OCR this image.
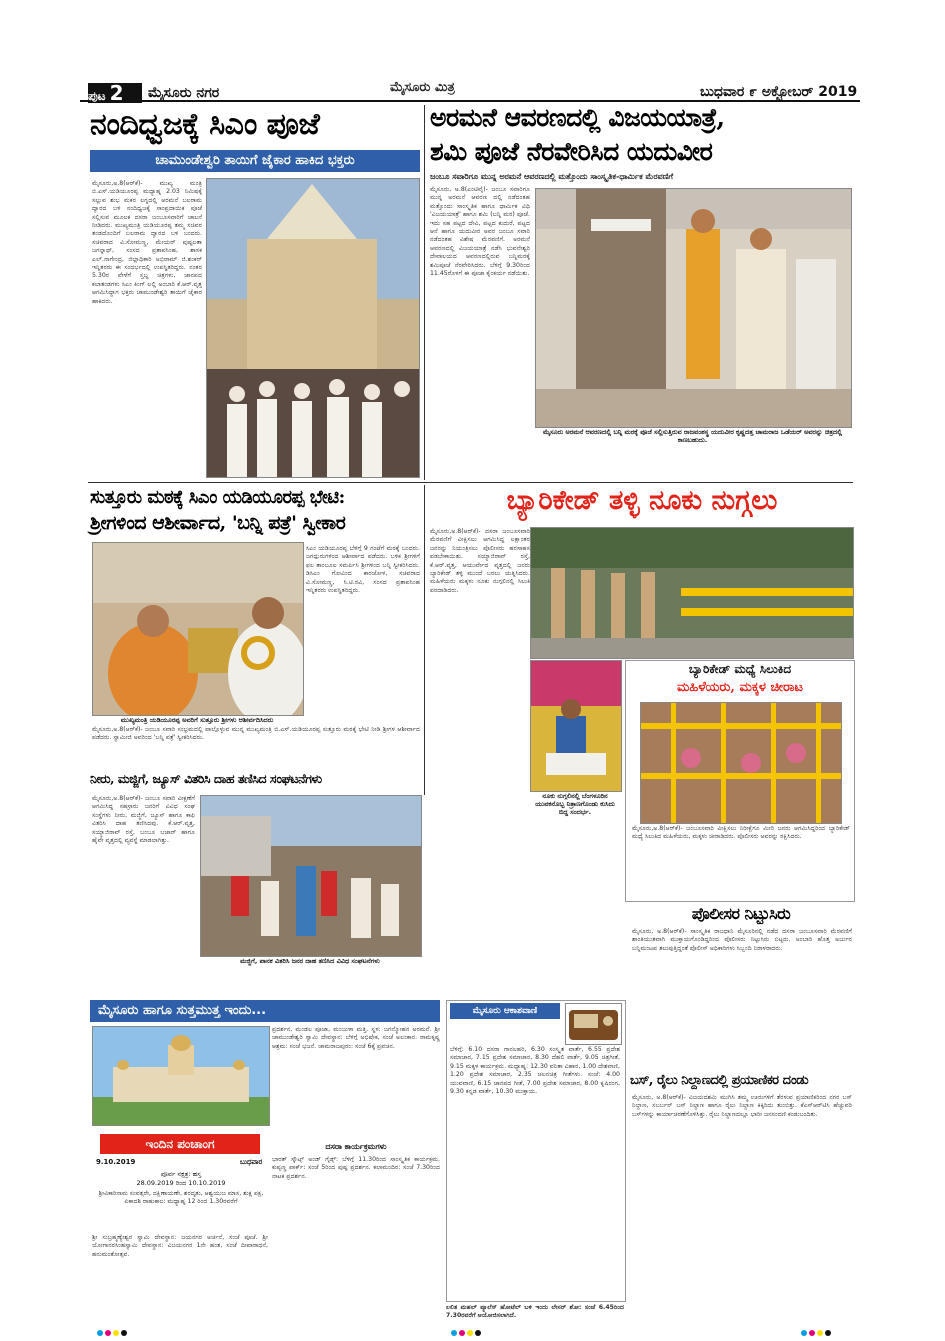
ಪುಟ 2	ಮೈಸೂರು ನಗರ	ಮೈಸೂರು ಮಿತ್ರ	ಬುಧವಾರ ೯ ಅಕ್ಟೋಬರ್ 2019
ನಂದಿಧ್ವಜಕ್ಕೆ ಸಿಎಂ ಪೂಜೆ
ಚಾಮುಂಡೇಶ್ವರಿ ತಾಯಿಗೆ ಜೈಕಾರ ಹಾಕಿದ ಭಕ್ತರು
ಮೈಸೂರು,ಅ.8(ಆರ್‌ಕೆ)- ಮುಖ್ಯ ಮಂತ್ರಿ ಬಿ.ಎಸ್.ಯಡಿಯೂರಪ್ಪ ಮಧ್ಯಾಹ್ನ 2.03 ನಿಮಿಷಕ್ಕೆ ಸಲ್ಲುವ ಶುಭ ಮಕರ ಲಗ್ನದಲ್ಲಿ ಅರಮನೆ ಬಲರಾಮ ದ್ವಾರದ ಬಳಿ ನಂದಿಧ್ವಜಕ್ಕೆ ಸಾಂಪ್ರದಾಯಿಕ ಪೂಜೆ ಸಲ್ಲಿಸುವ ಮೂಲಕ ದಸರಾ ಜಂಬೂಸವಾರಿಗೆ ಚಾಲನೆ ನೀಡಿದರು. ಮುಖ್ಯಮಂತ್ರಿ ಯಡಿಯೂರಪ್ಪ ತಮ್ಮ ಸಚಿವರ ತಂಡದೊಂದಿಗೆ ಬಲರಾಮ ದ್ವಾರದ ಬಳಿ ಬಂದರು. ಸಚಿವರಾದ ವಿ.ಸೋಮಣ್ಣ, ಮೇಯರ್ ಪುಷ್ಪಲತಾ ಜಗನ್ನಾಥ್, ಸಂಸದ ಪ್ರತಾಪಸಿಂಹ, ಶಾಸಕ ಎಲ್.ನಾಗೇಂದ್ರ, ಜಿಲ್ಲಾಧಿಕಾರಿ ಅಭಿರಾಮ್ ಜಿ.ಶಂಕರ್ ಇನ್ನಿತರರು ಈ ಸಂದರ್ಭದಲ್ಲಿ ಉಪಸ್ಥಿತರಿದ್ದರು. ನಂತರ 5.30ರ ವೇಳೆಗೆ ಸ್ತಬ್ಧ ಚಿತ್ರಗಳು, ಜಾನಪದ ಕಲಾತಂಡಗಳು ಸಿಎಂ ಕಿಂಗ್ ಲಲ್ಲಿ ಅಂಬಾರಿ ಕೆ.ಆರ್.ವೃತ್ತ ಆಗಮಿಸಿದ್ದಾಗ ಭಕ್ತರು ಚಾಮುಂಡೇಶ್ವರಿ ತಾಯಿಗೆ ಜೈಕಾರ ಹಾಕಿದರು.
ಅರಮನೆ ಆವರಣದಲ್ಲಿ ವಿಜಯಯಾತ್ರೆ,
ಶಮಿ ಪೂಜೆ ನೆರವೇರಿಸಿದ ಯದುವೀರ
ಜಂಬೂ ಸವಾರಿಗೂ ಮುನ್ನ ಅರಮನೆ ಆವರಣದಲ್ಲಿ ಮತ್ತೊಂದು ಸಾಂಸ್ಕೃತಿಕ-ಧಾರ್ಮಿಕ ಮೆರವಣಿಗೆ
ಮೈಸೂರು, ಅ.8(ಎಂಟಿವೈ)- ಜಂಬೂ ಸವಾರಿಗೂ ಮುನ್ನ ಅರಮನೆ ಆವರಣ ದಲ್ಲಿ ನಡೆದಂತಹ ಮತ್ತೊಂದು ಸಾಂಸ್ಕೃತಿಕ ಹಾಗೂ ಧಾರ್ಮಿಕ ವಿಧಿ 'ವಿಜಯಯಾತ್ರೆ' ಹಾಗೂ ಶಮಿ (ಬನ್ನಿ ಮರ) ಪೂಜೆ. ಇದು ಸಹ ಪಟ್ಟದ ದೇವಿ, ಪಟ್ಟದ ಕುದುರೆ, ಪಟ್ಟದ ಆನೆ ಹಾಗೂ ಯದುವೀರ ಅವರ ಜಂಬೂ ಸವಾರಿ ನಡೆದಂತಹ ವಿಶೇಷ ಮೆರವಣಿಗೆ. ಅರಮನೆ ಆವರಣದಲ್ಲಿ ವಿಜಯಯಾತ್ರೆ ನಡೆಸಿ ಭುವನೇಶ್ವರಿ ದೇವಾಲಯದ ಆವರಣದಲ್ಲಿರುವ ಬನ್ನಿಮರಕ್ಕೆ ಶಮಿಪೂಜೆ ನೆರವೇರಿಸಿದರು. ಬೆಳಿಗ್ಗೆ 9.30ರಿಂದ 11.45ರೊಳಗೆ ಈ ಪೂಜಾ ಕೈಂಕರ್ಯ ನಡೆಯಿತು.
ಮೈಸೂರು ಅರಮನೆ ಆವರಣದಲ್ಲಿ ಬನ್ನಿ ಮರಕ್ಕೆ ಪೂಜೆ ಸಲ್ಲಿಸುತ್ತಿರುವ ರಾಜವಂಶಸ್ಥ ಯದುವೀರ ಕೃಷ್ಣದತ್ತ ಚಾಮರಾಜ ಒಡೆಯರ್ ಅವರನ್ನು ಚಿತ್ರದಲ್ಲಿ ಕಾಣಬಹುದು.
ಸುತ್ತೂರು ಮಠಕ್ಕೆ ಸಿಎಂ ಯಡಿಯೂರಪ್ಪ ಭೇಟಿ:
ಶ್ರೀಗಳಿಂದ ಆಶೀರ್ವಾದ, 'ಬನ್ನಿ ಪತ್ರೆ' ಸ್ವೀಕಾರ
ಸಿಎಂ ಯಡಿಯೂರಪ್ಪ ಬೆಳಿಗ್ಗೆ 9 ಗಂಟೆಗೆ ಮಠಕ್ಕೆ ಬಂದರು. ಜಗದ್ಗುರುಗಳಿಂದ ಆಶೀರ್ವಾದ ಪಡೆದರು. ಬಳಿಕ ಶ್ರೀಗಳಿಗೆ ಫಲ ತಾಂಬೂಲ ಸಮರ್ಪಿಸಿ ಶ್ರೀಗಳಿಂದ ಬನ್ನಿ ಸ್ವೀಕರಿಸಿದರು. ಡಿಸಿಎಂ ಗೋವಿಂದ ಕಾರಜೋಳ, ಸಚಿವರಾದ ವಿ.ಸೋಮಣ್ಣ, ಸಿ.ಟಿ.ರವಿ, ಸಂಸದ ಪ್ರತಾಪಸಿಂಹ ಇನ್ನಿತರರು ಉಪಸ್ಥಿತರಿದ್ದರು.
ಮುಖ್ಯಮಂತ್ರಿ ಯಡಿಯೂರಪ್ಪ ಅವರಿಗೆ ಸುತ್ತೂರು ಶ್ರೀಗಳು ಆಶೀರ್ವದಿಸಿದರು
ಮೈಸೂರು,ಅ.8(ಆರ್‌ಕೆ)- ಜಂಬೂ ಸವಾರಿ ಸಂಭ್ರಮದಲ್ಲಿ ಪಾಲ್ಗೊಳ್ಳುವ ಮುನ್ನ ಮುಖ್ಯಮಂತ್ರಿ ಬಿ.ಎಸ್.ಯಡಿಯೂರಪ್ಪ ಸುತ್ತೂರು ಮಠಕ್ಕೆ ಭೇಟಿ ನೀಡಿ ಶ್ರೀಗಳ ಆಶೀರ್ವಾದ ಪಡೆದರು. ಸ್ವಾಮೀಜಿ ಅವರಿಂದ 'ಬನ್ನಿ ಪತ್ರೆ' ಸ್ವೀಕರಿಸಿದರು.
ನೀರು, ಮಜ್ಜಿಗೆ, ಜ್ಯೂಸ್ ವಿತರಿಸಿ ದಾಹ ತಣಿಸಿದ ಸಂಘಟನೆಗಳು
ಮೈಸೂರು,ಅ.8(ಆರ್‌ಕೆ)- ಜಂಬೂ ಸವಾರಿ ವೀಕ್ಷಣೆಗೆ ಆಗಮಿಸಿದ್ದ ಸಹಸ್ರಾರು ಜನರಿಗೆ ವಿವಿಧ ಸಂಘ ಸಂಸ್ಥೆಗಳು ನೀರು, ಮಜ್ಜಿಗೆ, ಜ್ಯೂಸ್ ಹಾಗೂ ಕಾಫಿ ವಿತರಿಸಿ ದಾಹ ತಣಿಸಿದವು. ಕೆ.ಆರ್.ವೃತ್ತ, ಸಯ್ಯಾಜಿರಾವ್ ರಸ್ತೆ, ಬಂಬೂ ಬಜಾರ್ ಹಾಗೂ ಹೈವೇ ವೃತ್ತದಲ್ಲಿ ವ್ಯವಸ್ಥೆ ಮಾಡಲಾಗಿತ್ತು.
ಮಜ್ಜಿಗೆ, ಪಾನಕ ವಿತರಿಸಿ ಜನರ ದಾಹ ತಣಿಸಿದ ವಿವಿಧ ಸಂಘಟನೆಗಳು
ಬ್ಯಾರಿಕೇಡ್ ತಳ್ಳಿ ನೂಕು ನುಗ್ಗಲು
ಮೈಸೂರು,ಅ.8(ಆರ್‌ಕೆ)- ದಸರಾ ಜಂಬೂಸವಾರಿ ಮೆರವಣಿಗೆ ವೀಕ್ಷಿಸಲು ಆಗಮಿಸಿದ್ದ ಲಕ್ಷಾಂತರ ಜನರನ್ನು ನಿಯಂತ್ರಿಸಲು ಪೊಲೀಸರು ಹರಸಾಹಸ ಪಡಬೇಕಾಯಿತು. ಸಯ್ಯಾಜಿರಾವ್ ರಸ್ತೆ, ಕೆ.ಆರ್.ವೃತ್ತ, ಆಯುರ್ವೇದ ವೃತ್ತದಲ್ಲಿ ಜನರು ಬ್ಯಾರಿಕೇಡ್ ತಳ್ಳಿ ಮುಂದೆ ಬರಲು ಯತ್ನಿಸಿದರು. ಮಹಿಳೆಯರು ಮಕ್ಕಳು ನೂಕು ನುಗ್ಗಲಿನಲ್ಲಿ ಸಿಲುಕಿ ಪರದಾಡಿದರು.
ನೂಕು ನುಗ್ಗಲಿನಲ್ಲಿ ಬೆಂಗಳೂರಿನ ಯುವಕನೊಬ್ಬ ನಿತ್ರಾಣಗೊಂಡು ಕುಸಿದು ಬಿದ್ದ ಸಂದರ್ಭ.
ಬ್ಯಾರಿಕೇಡ್ ಮಧ್ಯೆ ಸಿಲುಕಿದ
ಮಹಿಳೆಯರು, ಮಕ್ಕಳ ಚೀರಾಟ
ಮೈಸೂರು,ಅ.8(ಆರ್‌ಕೆ)- ಜಂಬೂಸವಾರಿ ವೀಕ್ಷಿಸಲು ನಿರೀಕ್ಷೆಗೂ ಮೀರಿ ಜನರು ಆಗಮಿಸಿದ್ದರಿಂದ ಬ್ಯಾರಿಕೇಡ್ ಮಧ್ಯೆ ಸಿಲುಕಿದ ಮಹಿಳೆಯರು, ಮಕ್ಕಳು ಚೀರಾಡಿದರು. ಪೊಲೀಸರು ಅವರನ್ನು ರಕ್ಷಿಸಿದರು.
ಪೊಲೀಸರ ನಿಟ್ಟುಸಿರು
ಮೈಸೂರು, ಅ.8(ಆರ್‌ಕೆ)- ಸಾಂಸ್ಕೃತಿಕ ರಾಜಧಾನಿ ಮೈಸೂರಿನಲ್ಲಿ ನಡೆದ ದಸರಾ ಜಂಬೂಸವಾರಿ ಮೆರವಣಿಗೆ ಶಾಂತಿಯುತವಾಗಿ ಮುಕ್ತಾಯಗೊಂಡಿದ್ದರಿಂದ ಪೊಲೀಸರು ನಿಟ್ಟುಸಿರು ಬಿಟ್ಟರು. ಅಂಬಾರಿ ಹೊತ್ತ ಅರ್ಜುನ ಬನ್ನಿಮಂಟಪ ತಲುಪುತ್ತಿದ್ದಂತೆ ಪೊಲೀಸ್ ಅಧಿಕಾರಿಗಳು ಸಿಬ್ಬಂದಿ ನಿರಾಳರಾದರು.
ಬಸ್, ರೈಲು ನಿಲ್ದಾಣದಲ್ಲಿ ಪ್ರಯಾಣಿಕರ ದಂಡು
ಮೈಸೂರು, ಅ.8(ಆರ್‌ಕೆ)- ವಿಜಯದಶಮಿ ಮುಗಿಸಿ ತಮ್ಮ ಊರುಗಳಿಗೆ ತೆರಳುವ ಪ್ರಯಾಣಿಕರಿಂದ ನಗರ ಬಸ್ ನಿಲ್ದಾಣ, ಸಬರ್ಬನ್ ಬಸ್ ನಿಲ್ದಾಣ ಹಾಗೂ ರೈಲು ನಿಲ್ದಾಣ ಕಿಕ್ಕಿರಿದು ತುಂಬಿತ್ತು. ಕೆಎಸ್‌ಆರ್‌ಟಿಸಿ ಹೆಚ್ಚುವರಿ ಬಸ್‌ಗಳನ್ನು ಕಾರ್ಯಾಚರಣೆಗೊಳಿಸಿತ್ತು. ರೈಲು ನಿಲ್ದಾಣದಲ್ಲೂ ಭಾರೀ ಜನಸಂದಣಿ ಕಂಡುಬಂದಿತು.
ಮೈಸೂರು ಹಾಗೂ ಸುತ್ತಮುತ್ತ ಇಂದು...
ಇಂದಿನ ಪಂಚಾಂಗ
9.10.2019	ಬುಧವಾರ
ಪೂರ್ವ ನಕ್ಷತ್ರ: ಹಸ್ತ
28.09.2019 ರಿಂದ 10.10.2019
ಶ್ರೀವಿಕಾರಿನಾಮ ಸಂವತ್ಸರೇ, ದಕ್ಷಿಣಾಯಣೇ, ಶರದೃತು, ಆಶ್ವಯುಜ ಮಾಸ, ಶುಕ್ಲ ಪಕ್ಷ, ಏಕಾದಶಿ ರಾಹುಕಾಲ: ಮಧ್ಯಾಹ್ನ 12 ರಿಂದ 1.30ರವರೆಗೆ
ಶ್ರೀ ಸುಬ್ರಹ್ಮಣ್ಯೇಶ್ವರ ಸ್ವಾಮಿ ದೇವಸ್ಥಾನ: ಜಯನಗರ ಅರ್ಚನೆ, ಸಂಜೆ ಪೂಜೆ. ಶ್ರೀ ಯೋಗಾನರಸಿಂಹಸ್ವಾಮಿ ದೇವಸ್ಥಾನ: ವಿಜಯನಗರ 1ನೇ ಹಂತ, ಸಂಜೆ ದೀಪಾರಾಧನೆ, ಹನುಮಂತೋತ್ಸವ.
ಪ್ರದರ್ಶನ, ಮಂಡಲ ಪೂಜಾ, ಮಂಜುಳಾ ಮತ್ತಿ. ಸ್ಥಳ: ಜಗನ್ಮೋಹನ ಅರಮನೆ. ಶ್ರೀ ಚಾಮುಂಡೇಶ್ವರಿ ಸ್ವಾಮಿ ದೇವಸ್ಥಾನ: ಬೆಳಿಗ್ಗೆ ಅಭಿಷೇಕ, ಸಂಜೆ ಅಲಂಕಾರ. ರಾಮಕೃಷ್ಣ ಆಶ್ರಮ: ಸಂಜೆ ಭಜನೆ. ಚಾಮರಾಜಪುರಂ: ಸಂಜೆ 6ಕ್ಕೆ ಪ್ರವಚನ.
ದಸರಾ ಕಾರ್ಯಕ್ರಮಗಳು
ಭಾರತ್ ಸ್ಕೌಟ್ಸ್ ಅಂಡ್ ಗೈಡ್ಸ್: ಬೆಳಿಗ್ಗೆ 11.30ರಿಂದ ಸಾಂಸ್ಕೃತಿಕ ಕಾರ್ಯಕ್ರಮ. ಕುಪ್ಪಣ್ಣ ಪಾರ್ಕ್: ಸಂಜೆ 5ರಿಂದ ಪುಷ್ಪ ಪ್ರದರ್ಶನ. ಕಲಾಮಂದಿರ: ಸಂಜೆ 7.30ರಿಂದ ನಾಟಕ ಪ್ರದರ್ಶನ.
ಮೈಸೂರು ಆಕಾಶವಾಣಿ
ಬೆಳಿಗ್ಗೆ: 6.10 ದಸರಾ ಗಾನಲಹರಿ, 6.30 ಸಂಸ್ಕೃತ ವಾರ್ತೆ, 6.55 ಪ್ರದೇಶ ಸಮಾಚಾರ, 7.15 ಪ್ರದೇಶ ಸಮಾಚಾರ, 8.30 ದೆಹಲಿ ವಾರ್ತೆ, 9.05 ಚಿತ್ರಗೀತೆ, 9.15 ಮಕ್ಕಳ ಕಾರ್ಯಕ್ರಮ. ಮಧ್ಯಾಹ್ನ: 12.30 ವನಿತಾ ವಿಹಾರ, 1.00 ದೇಶವಾಣಿ, 1.20 ಪ್ರದೇಶ ಸಮಾಚಾರ, 2.35 ಚಲನಚಿತ್ರ ಗೀತೆಗಳು. ಸಂಜೆ: 4.00 ಯುವವಾಣಿ, 6.15 ಜಾನಪದ ಗೀತೆ, 7.00 ಪ್ರದೇಶ ಸಮಾಚಾರ, 8.00 ಕೃಷಿರಂಗ, 9.30 ಕನ್ನಡ ವಾರ್ತೆ, 10.30 ಮುಕ್ತಾಯ.
ಲಲಿತ ಮಹಲ್ ಪ್ಯಾಲೆಸ್ ಹೋಟೆಲ್ ಬಳಿ ಇಂದು ಲೇಸರ್ ಶೋ: ಸಂಜೆ 6.45ರಿಂದ 7.30ರವರೆಗೆ ಆಯೋಜಿಸಲಾಗಿದೆ.
